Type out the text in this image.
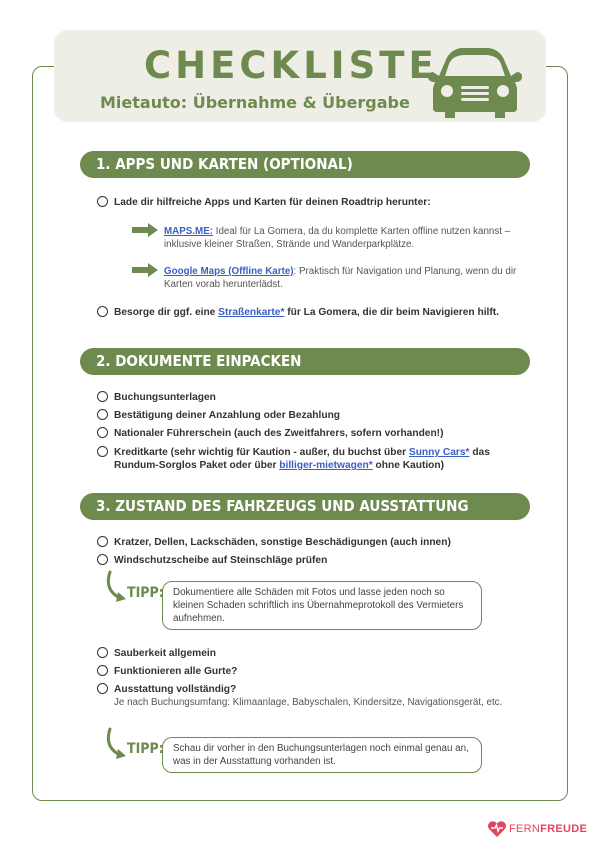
CHECKLISTE
Mietauto: Übernahme & Übergabe
1. APPS UND KARTEN (OPTIONAL)
Lade dir hilfreiche Apps und Karten für deinen Roadtrip herunter:
MAPS.ME: Ideal für La Gomera, da du komplette Karten offline nutzen kannst – inklusive kleiner Straßen, Strände und Wanderparkplätze.
Google Maps (Offline Karte): Praktisch für Navigation und Planung, wenn du dir Karten vorab herunterlädst.
Besorge dir ggf. eine Straßenkarte* für La Gomera, die dir beim Navigieren hilft.
2. DOKUMENTE EINPACKEN
Buchungsunterlagen
Bestätigung deiner Anzahlung oder Bezahlung
Nationaler Führerschein (auch des Zweitfahrers, sofern vorhanden!)
Kreditkarte (sehr wichtig für Kaution - außer, du buchst über Sunny Cars* das Rundum-Sorglos Paket oder über billiger-mietwagen* ohne Kaution)
3. ZUSTAND DES FAHRZEUGS UND AUSSTATTUNG PRÜFEN
Kratzer, Dellen, Lackschäden, sonstige Beschädigungen (auch innen)
Windschutzscheibe auf Steinschläge prüfen
TIPP: Dokumentiere alle Schäden mit Fotos und lasse jeden noch so kleinen Schaden schriftlich ins Übernahmeprotokoll des Vermieters aufnehmen.
Sauberkeit allgemein
Funktionieren alle Gurte?
Ausstattung vollständig?
Je nach Buchungsumfang: Klimaanlage, Babyschalen, Kindersitze, Navigationsgerät, etc.
TIPP: Schau dir vorher in den Buchungsunterlagen noch einmal genau an, was in der Ausstattung vorhanden ist.
FERNFREUDE
